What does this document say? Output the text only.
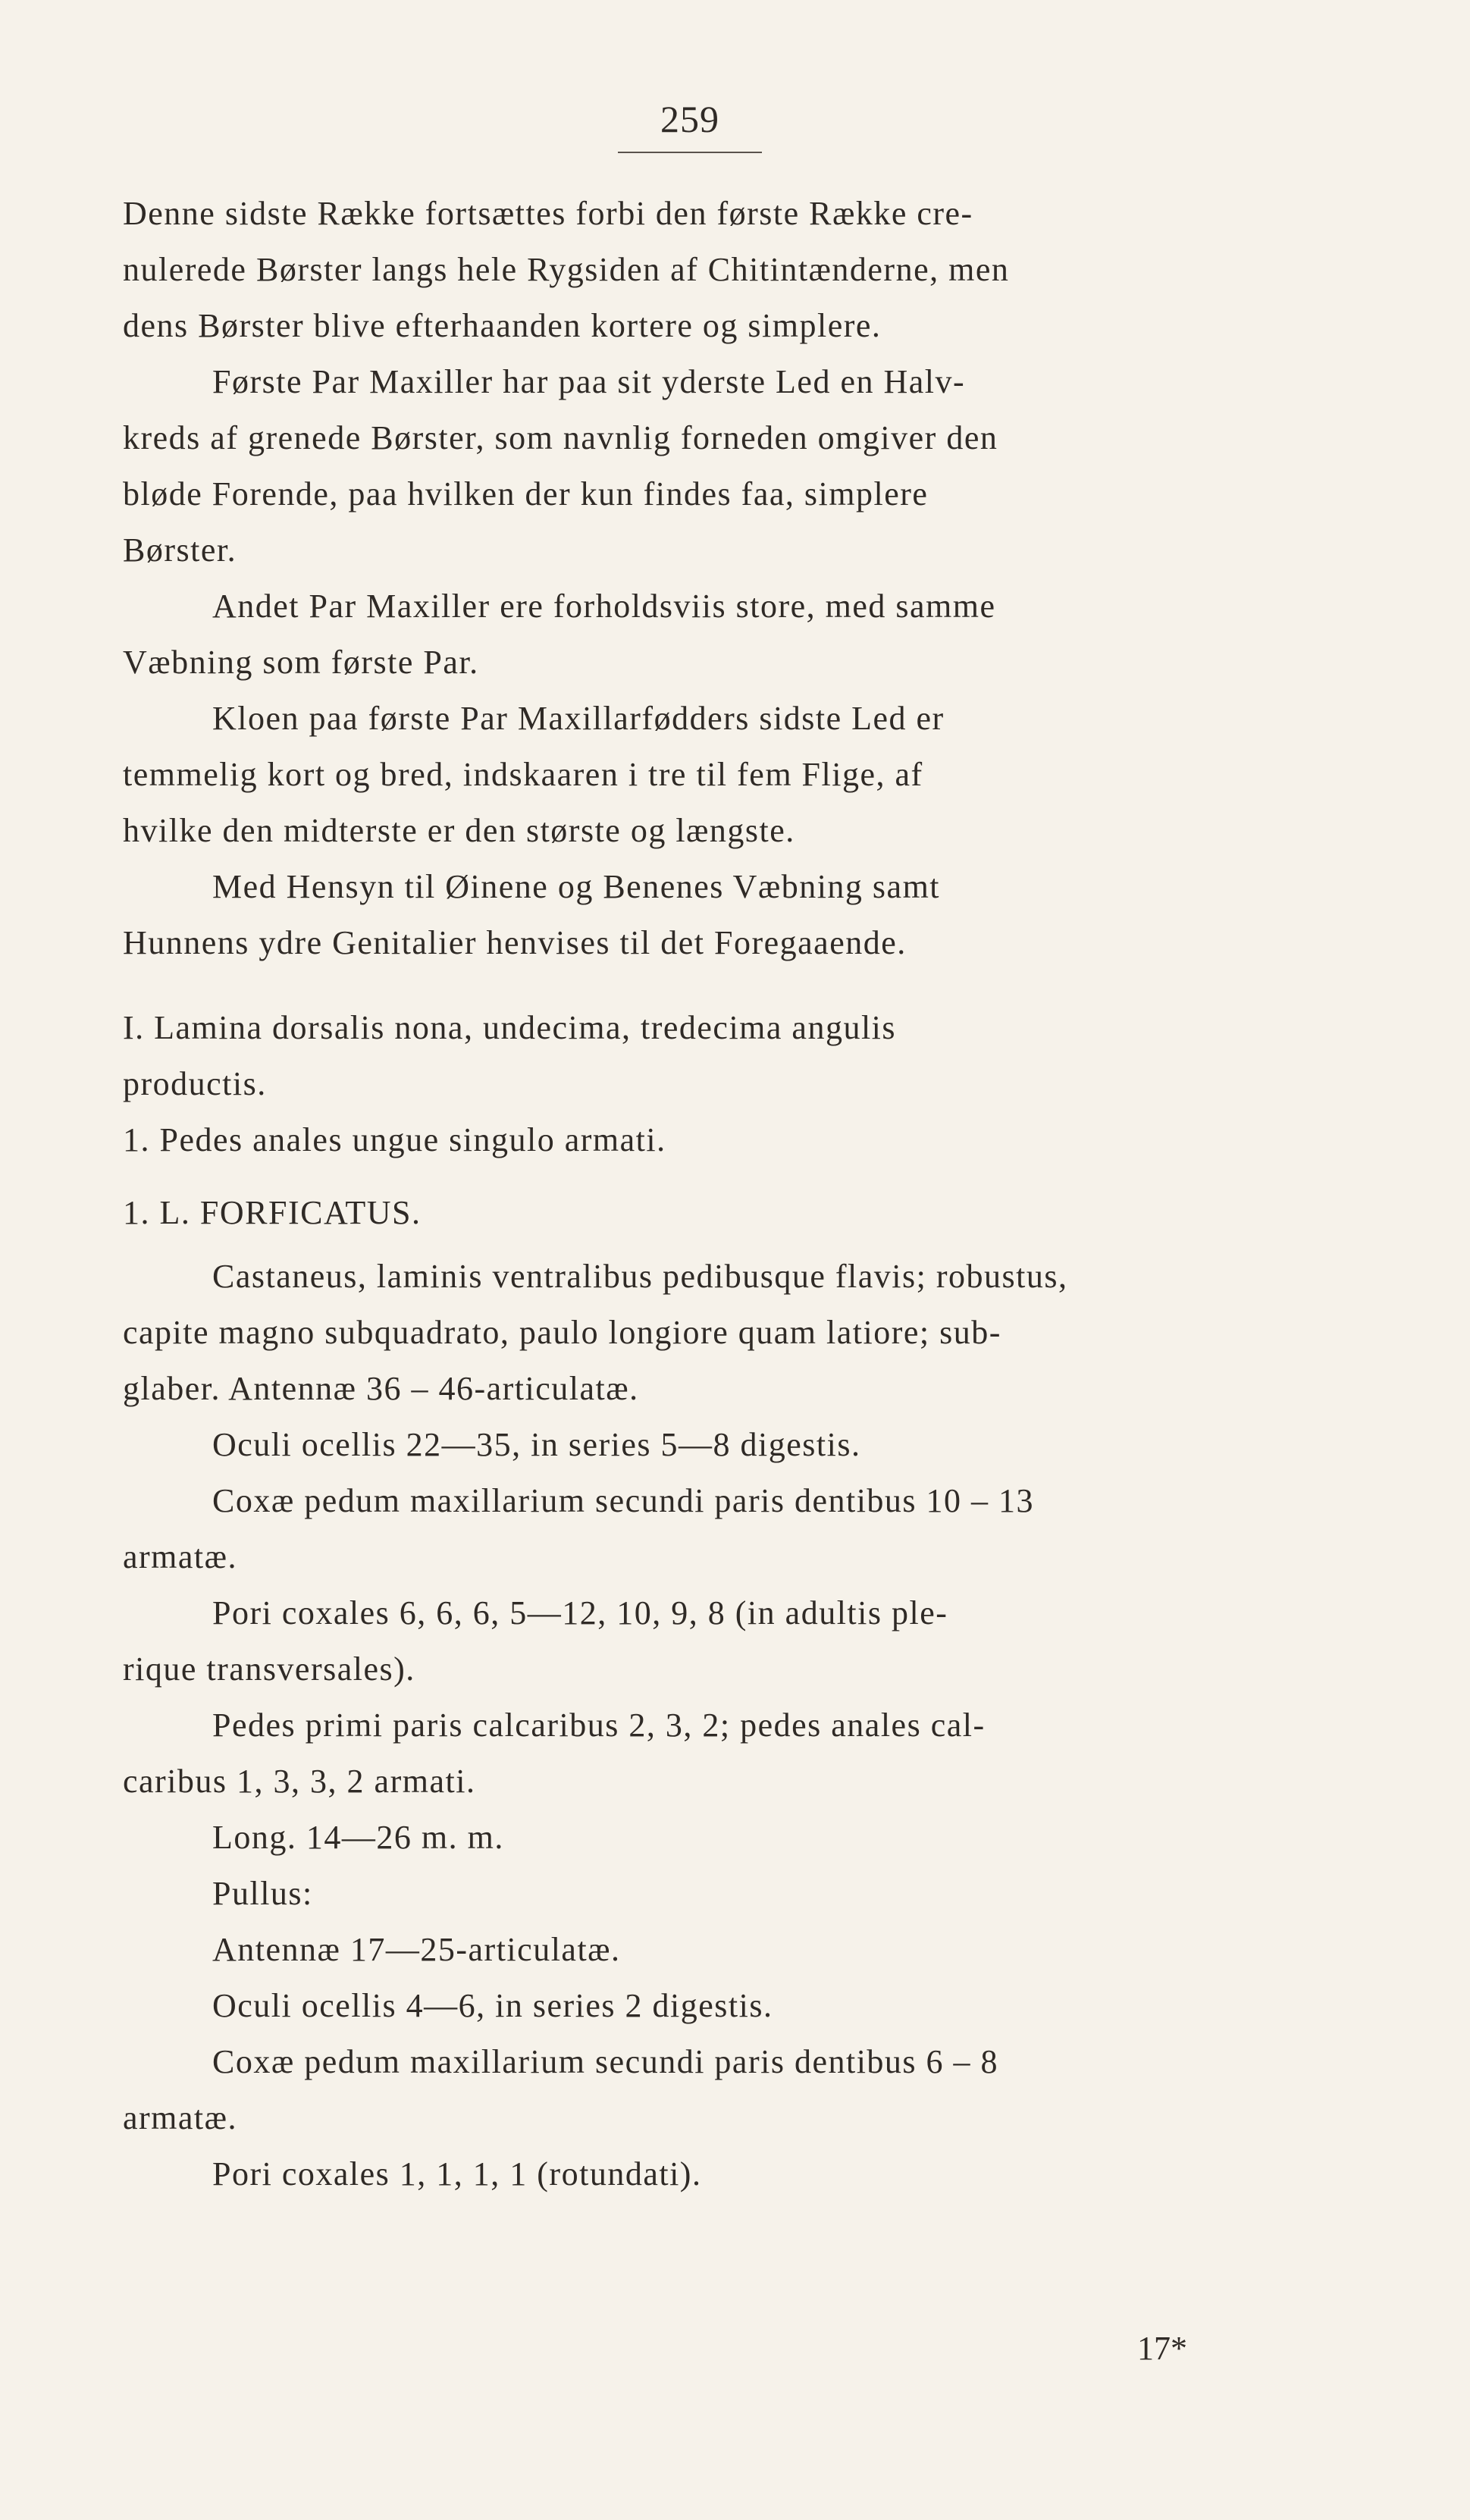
259

Denne sidste Række fortsættes forbi den første Række cre-
nulerede Børster langs hele Rygsiden af Chitintænderne, men
dens Børster blive efterhaanden kortere og simplere.

Første Par Maxiller har paa sit yderste Led en Halv-
kreds af grenede Børster, som navnlig forneden omgiver den
bløde Forende, paa hvilken der kun findes faa, simplere
Børster.

Andet Par Maxiller ere forholdsviis store, med samme
Væbning som første Par.

Kloen paa første Par Maxillarfødders sidste Led er
temmelig kort og bred, indskaaren i tre til fem Flige, af
hvilke den midterste er den største og længste.

Med Hensyn til Øinene og Benenes Væbning samt
Hunnens ydre Genitalier henvises til det Foregaaende.

I. Lamina dorsalis nona, undecima, tredecima angulis

productis.

1. Pedes anales ungue singulo armati.

1. L. FORFICATUS.

Castaneus, laminis ventralibus pedibusque flavis; robustus,
capite magno subquadrato, paulo longiore quam latiore; sub-
glaber. Antennæ 36 – 46-articulatæ.

Oculi ocellis 22—35, in series 5—8 digestis.

Coxæ pedum maxillarium secundi paris dentibus 10 – 13
armatæ.

Pori coxales 6, 6, 6, 5—12, 10, 9, 8 (in adultis ple-
rique transversales).

Pedes primi paris calcaribus 2, 3, 2; pedes anales cal-
caribus 1, 3, 3, 2 armati.

Long. 14—26 m. m.

Pullus:

Antennæ 17—25-articulatæ.

Oculi ocellis 4—6, in series 2 digestis.

Coxæ pedum maxillarium secundi paris dentibus 6 – 8
armatæ.

Pori coxales 1, 1, 1, 1 (rotundati).

17*
